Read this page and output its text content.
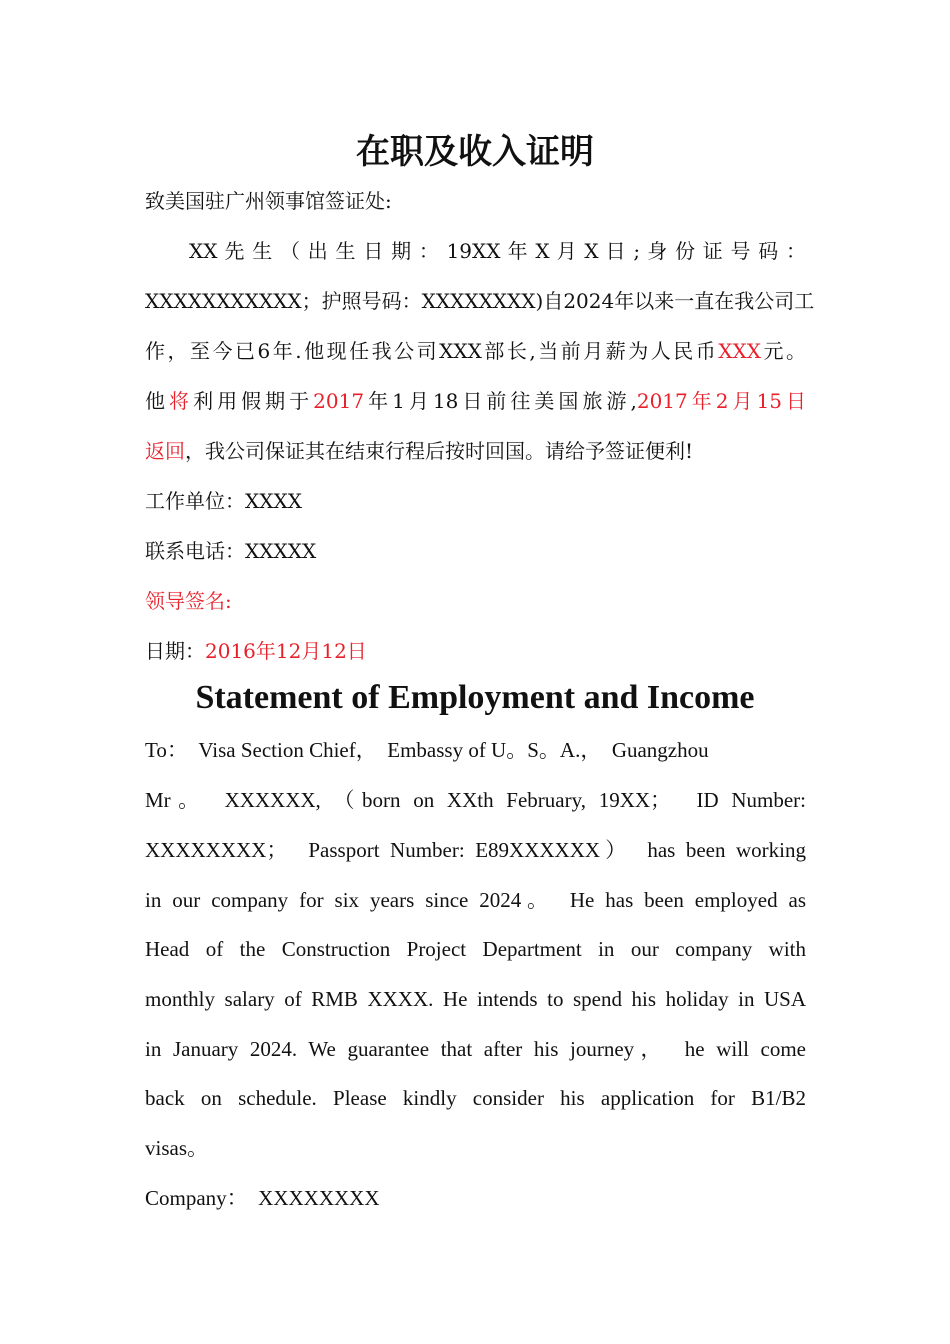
在职及收入证明
致美国驻广州领事馆签证处:
XX 先 生 （ 出 生 日 期 ： 19XX 年 X 月 X 日 ; 身 份 证 号 码 ：
XXXXXXXXXXX；护照号码：XXXXXXXX)自2024年以来一直在我公司工
作，至今已6年.他现任我公司XXX部长,当前月薪为人民币XXX元。
他将利用假期于2017年1月18日前往美国旅游,2017年2月15日
返回，我公司保证其在结束行程后按时回国。请给予签证便利!
工作单位：XXXX
联系电话：XXXXX
领导签名:
日期：2016年12月12日
Statement of Employment and Income
To：　Visa Section Chief，　Embassy of U。S。A.，　Guangzhou
Mr。　XXXXXX, （born on XXth February, 19XX；　ID Number:
XXXXXXXX；　Passport Number: E89XXXXXX）　has been working
in our company for six years since 2024。　He has been employed as
Head of the Construction Project Department in our company with
monthly salary of RMB XXXX. He intends to spend his holiday in USA
in January 2024. We guarantee that after his journey，　he will come
back on schedule. Please kindly consider his application for B1/B2
visas。
Company：　XXXXXXXX
